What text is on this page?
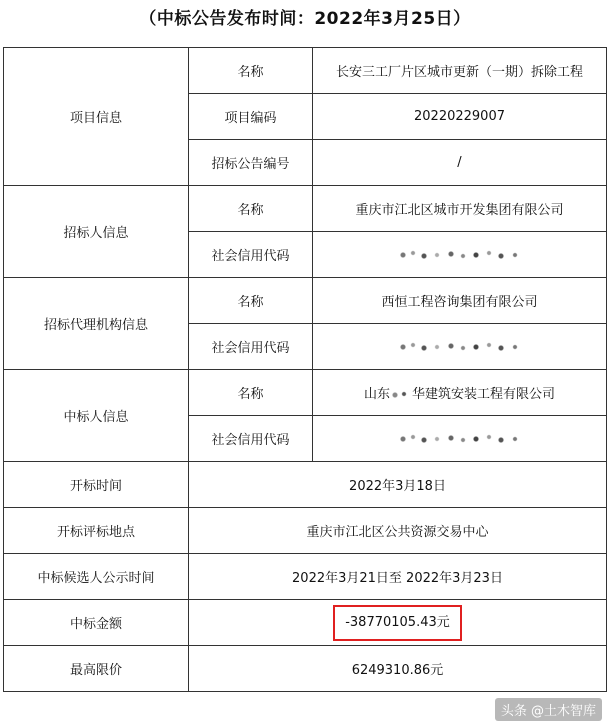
（中标公告发布时间：2022年3月25日）
项目信息	名称	长安三工厂片区城市更新（一期）拆除工程
	项目编码	20220229007
	招标公告编号	/
招标人信息	名称	重庆市江北区城市开发集团有限公司
	社会信用代码	
招标代理机构信息	名称	西恒工程咨询集团有限公司
	社会信用代码	
中标人信息	名称	山东 华建筑安装工程有限公司
	社会信用代码	
开标时间	2022年3月18日	
开标评标地点	重庆市江北区公共资源交易中心	
中标候选人公示时间	2022年3月21日至 2022年3月23日	
中标金额	-38770105.43元	
最高限价	6249310.86元	
头条 @土木智库
